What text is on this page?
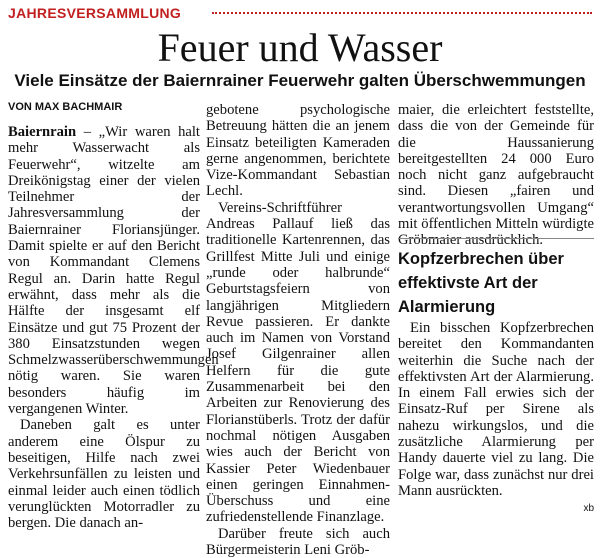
JAHRESVERSAMMLUNG
Feuer und Wasser
Viele Einsätze der Baiernrainer Feuerwehr galten Überschwemmungen
VON MAX BACHMAIR

Baiernrain – „Wir waren halt mehr Wasserwacht als Feuerwehr“, witzelte am Dreikönigstag einer der vielen Teilnehmer der Jahresversammlung der Baiernrainer Floriansjünger. Damit spielte er auf den Bericht von Kommandant Clemens Regul an. Darin hatte Regul erwähnt, dass mehr als die Hälfte der insgesamt elf Einsätze und gut 75 Prozent der 380 Einsatzstunden wegen Schmelzwasserüberschwemmungen nötig waren. Sie waren besonders häufig im vergangenen Winter.

Daneben galt es unter anderem eine Ölspur zu beseitigen, Hilfe nach zwei Verkehrsunfällen zu leisten und einmal leider auch einen tödlich verunglückten Motorradler zu bergen. Die danach an-

gebotene psychologische Betreuung hätten die an jenem Einsatz beteiligten Kameraden gerne angenommen, berichtete Vize-Kommandant Sebastian Lechl.

Vereins-Schriftführer Andreas Pallauf ließ das traditionelle Kartenrennen, das Grillfest Mitte Juli und einige „runde oder halbrunde“ Geburtstagsfeiern von langjährigen Mitgliedern Revue passieren. Er dankte auch im Namen von Vorstand Josef Gilgenrainer allen Helfern für die gute Zusammenarbeit bei den Arbeiten zur Renovierung des Florianstüberls. Trotz der dafür nochmal nötigen Ausgaben wies auch der Bericht von Kassier Peter Wiedenbauer einen geringen Einnahmen-Überschuss und eine zufriedenstellende Finanzlage.

Darüber freute sich auch Bürgermeisterin Leni Gröb-

maier, die erleichtert feststellte, dass die von der Gemeinde für die Haussanierung bereitgestellten 24 000 Euro noch nicht ganz aufgebraucht sind. Diesen „fairen und verantwortungsvollen Umgang“ mit öffentlichen Mitteln würdigte Gröbmaier ausdrücklich.

Kopfzerbrechen über effektivste Art der Alarmierung

Ein bisschen Kopfzerbrechen bereitet den Kommandanten weiterhin die Suche nach der effektivsten Art der Alarmierung. In einem Fall erwies sich der Einsatz-Ruf per Sirene als nahezu wirkungslos, und die zusätzliche Alarmierung per Handy dauerte viel zu lang. Die Folge war, dass zunächst nur drei Mann ausrückten.

xb
